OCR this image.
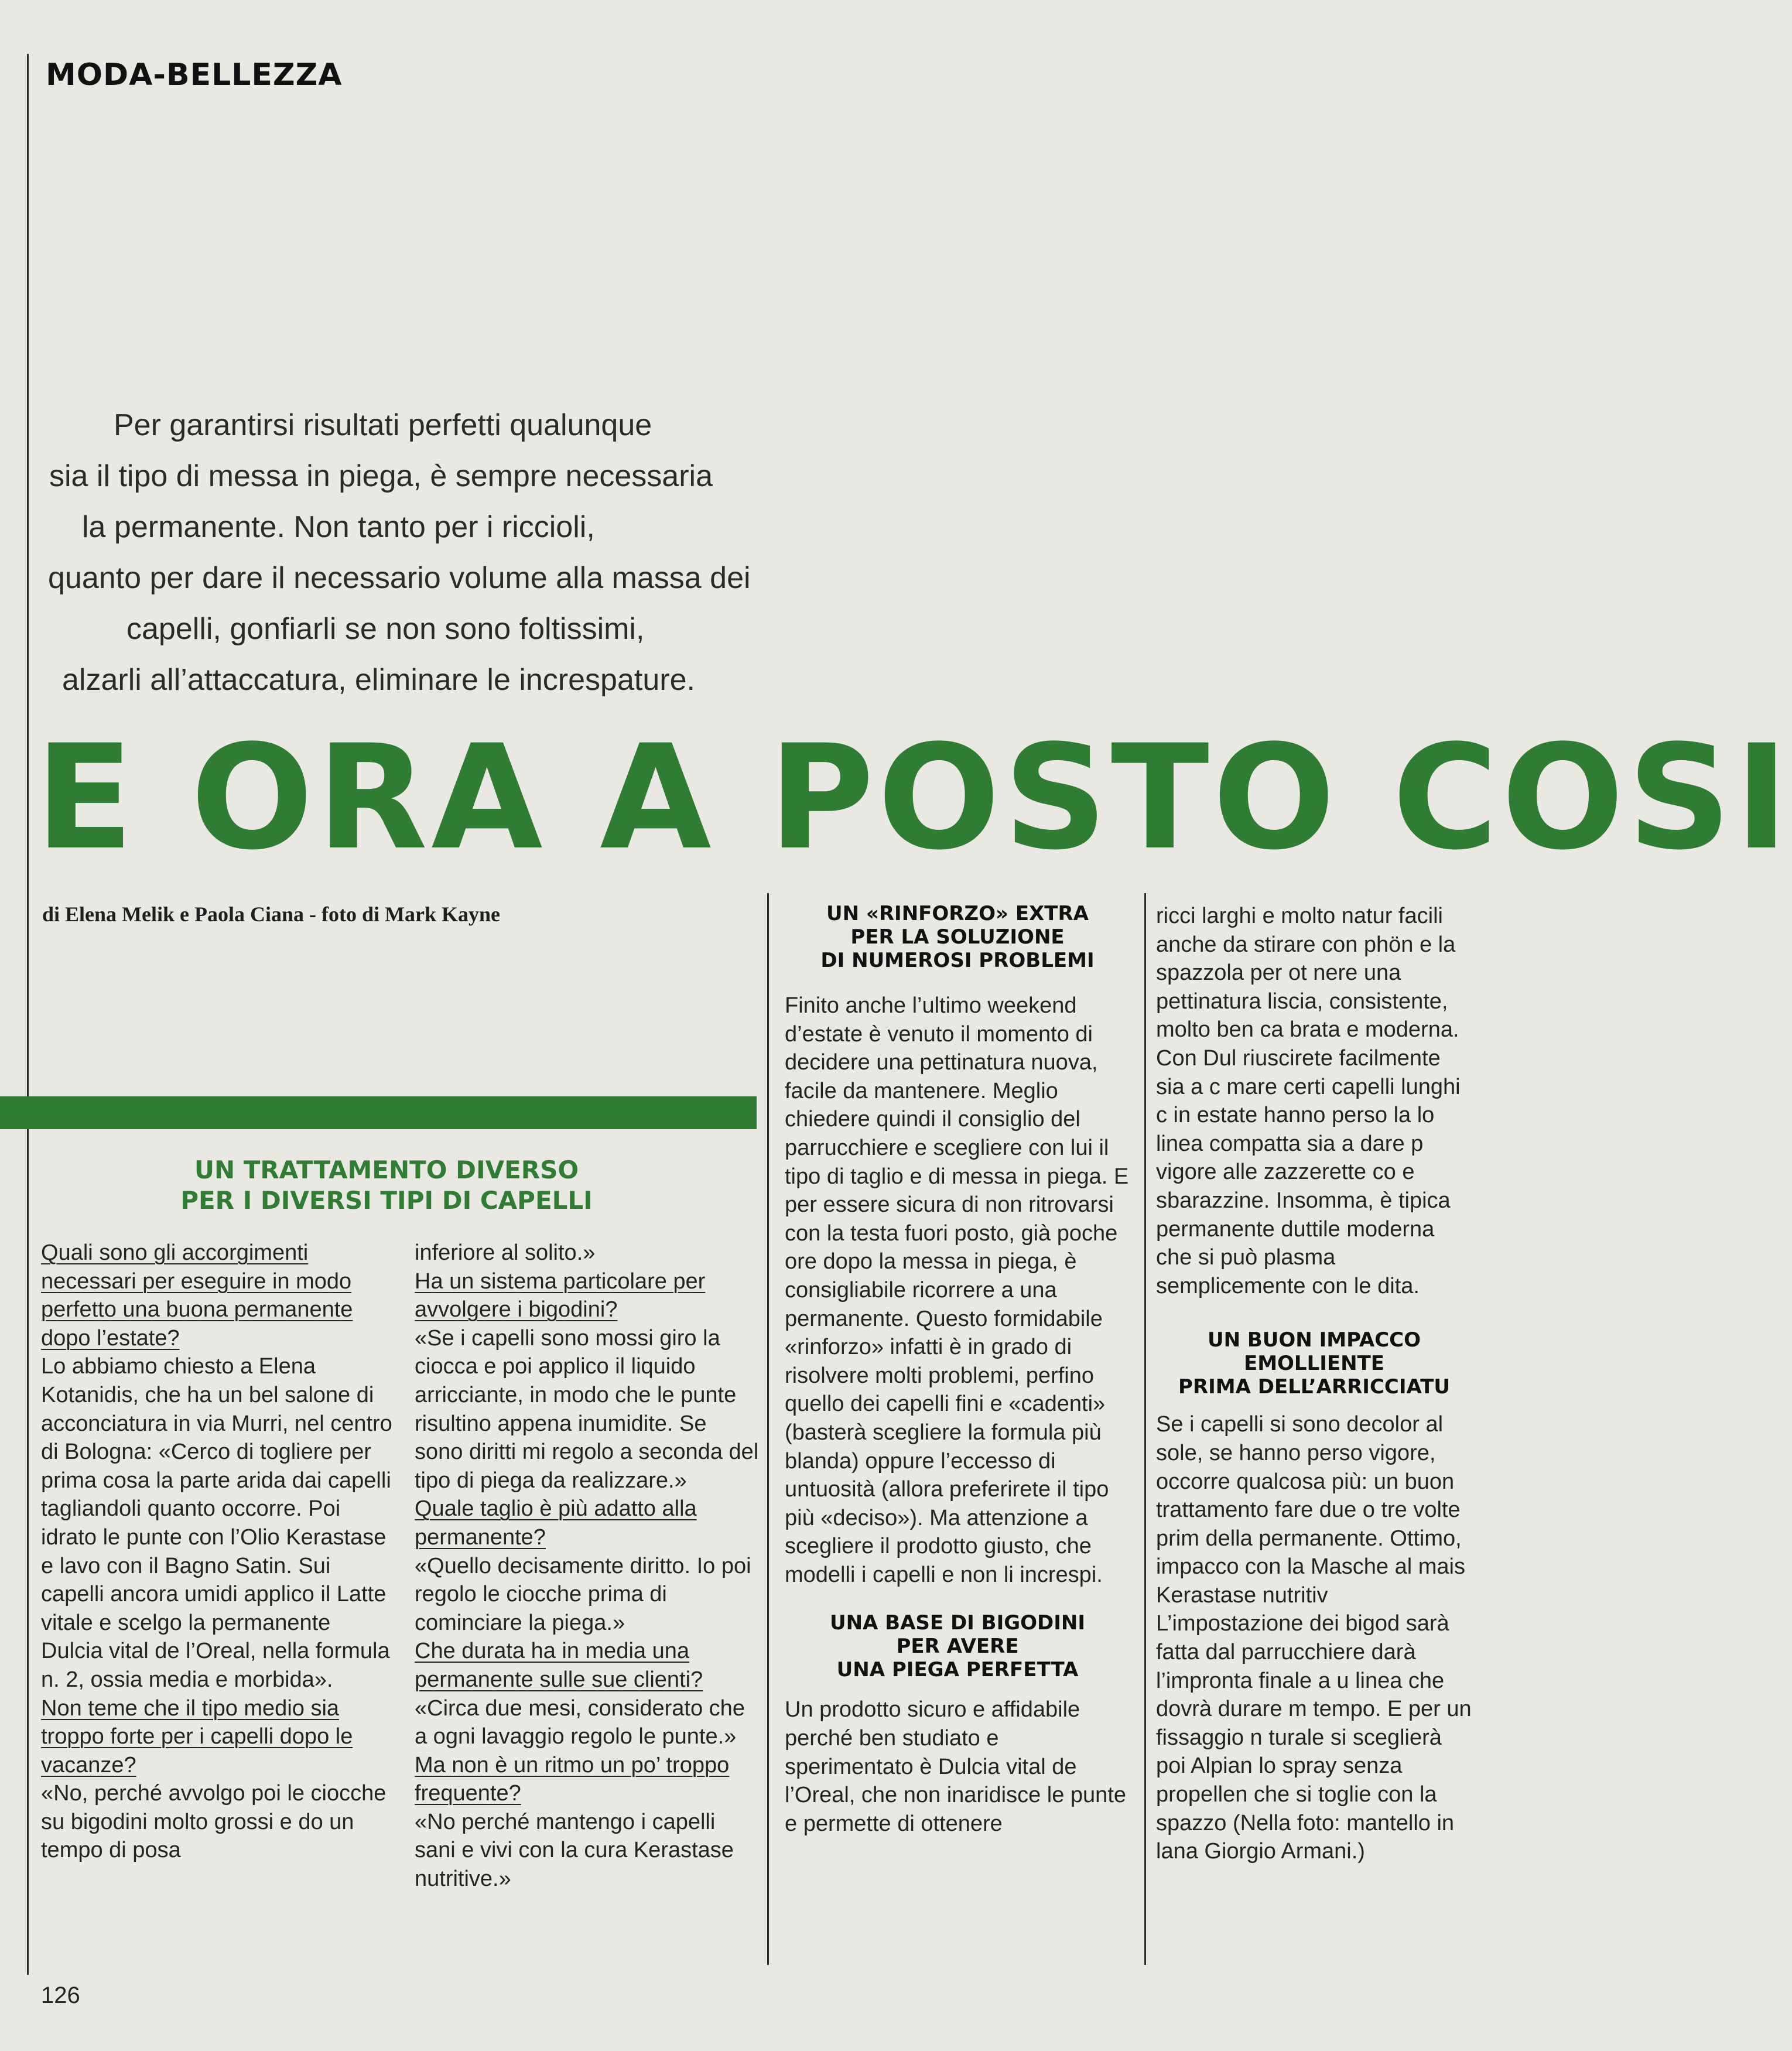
MODA-BELLEZZA
Per garantirsi risultati perfetti qualunque
sia il tipo di messa in piega, è sempre necessaria
la permanente. Non tanto per i riccioli,
quanto per dare il necessario volume alla massa dei
capelli, gonfiarli se non sono foltissimi,
alzarli all’attaccatura, eliminare le increspature.
E ORA A POSTO COSI
di Elena Melik e Paola Ciana - foto di Mark Kayne
UN TRATTAMENTO DIVERSO
PER I DIVERSI TIPI DI CAPELLI

Quali sono gli accorgimenti necessari per eseguire in modo perfetto una buona permanente dopo l’estate?

Lo abbiamo chiesto a Elena Kotanidis, che ha un bel salone di acconciatura in via Murri, nel centro di Bologna: «Cerco di togliere per prima cosa la parte arida dai capelli tagliandoli quanto occorre. Poi idrato le punte con l’Olio Kerastase e lavo con il Bagno Satin. Sui capelli ancora umidi applico il Latte vitale e scelgo la permanente Dulcia vital de l’Oreal, nella formula n. 2, ossia media e morbida».

Non teme che il tipo medio sia troppo forte per i capelli dopo le vacanze?

«No, perché avvolgo poi le ciocche su bigodini molto grossi e do un tempo di posa

inferiore al solito.»

Ha un sistema particolare per avvolgere i bigodini?

«Se i capelli sono mossi giro la ciocca e poi applico il liquido arricciante, in modo che le punte risultino appena inumidite. Se sono diritti mi regolo a seconda del tipo di piega da realizzare.»

Quale taglio è più adatto alla permanente?

«Quello decisamente diritto. Io poi regolo le ciocche prima di cominciare la piega.»

Che durata ha in media una permanente sulle sue clienti?

«Circa due mesi, considerato che a ogni lavaggio regolo le punte.»

Ma non è un ritmo un po’ troppo frequente?

«No perché mantengo i capelli sani e vivi con la cura Kerastase nutritive.»

UN «RINFORZO» EXTRA
PER LA SOLUZIONE
DI NUMEROSI PROBLEMI

Finito anche l’ultimo weekend d’estate è venuto il momento di decidere una pettinatura nuova, facile da mantenere. Meglio chiedere quindi il consiglio del parrucchiere e scegliere con lui il tipo di taglio e di messa in piega. E per essere sicura di non ritrovarsi con la testa fuori posto, già poche ore dopo la messa in piega, è consigliabile ricorrere a una permanente. Questo formidabile «rinforzo» infatti è in grado di risolvere molti problemi, perfino quello dei capelli fini e «cadenti» (basterà scegliere la formula più blanda) oppure l’eccesso di untuosità (allora preferirete il tipo più «deciso»). Ma attenzione a scegliere il prodotto giusto, che modelli i capelli e non li increspi.

UNA BASE DI BIGODINI
PER AVERE
UNA PIEGA PERFETTA

Un prodotto sicuro e affidabile perché ben studiato e sperimentato è Dulcia vital de l’Oreal, che non inaridisce le punte e permette di ottenere

ricci larghi e molto natur facili anche da stirare con phön e la spazzola per ot nere una pettinatura liscia, consistente, molto ben ca brata e moderna. Con Dul riuscirete facilmente sia a c mare certi capelli lunghi c in estate hanno perso la lo linea compatta sia a dare p vigore alle zazzerette co e sbarazzine. Insomma, è tipica permanente duttile moderna che si può plasma semplicemente con le dita.

UN BUON IMPACCO
EMOLLIENTE
PRIMA DELL’ARRICCIATU

Se i capelli si sono decolor al sole, se hanno perso vigore, occorre qualcosa più: un buon trattamento fare due o tre volte prim della permanente. Ottimo, impacco con la Masche al mais Kerastase nutritiv L’impostazione dei bigod sarà fatta dal parrucchiere darà l’impronta finale a u linea che dovrà durare m tempo. E per un fissaggio n turale si sceglierà poi Alpian lo spray senza propellen che si toglie con la spazzo (Nella foto: mantello in lana Giorgio Armani.)

126
